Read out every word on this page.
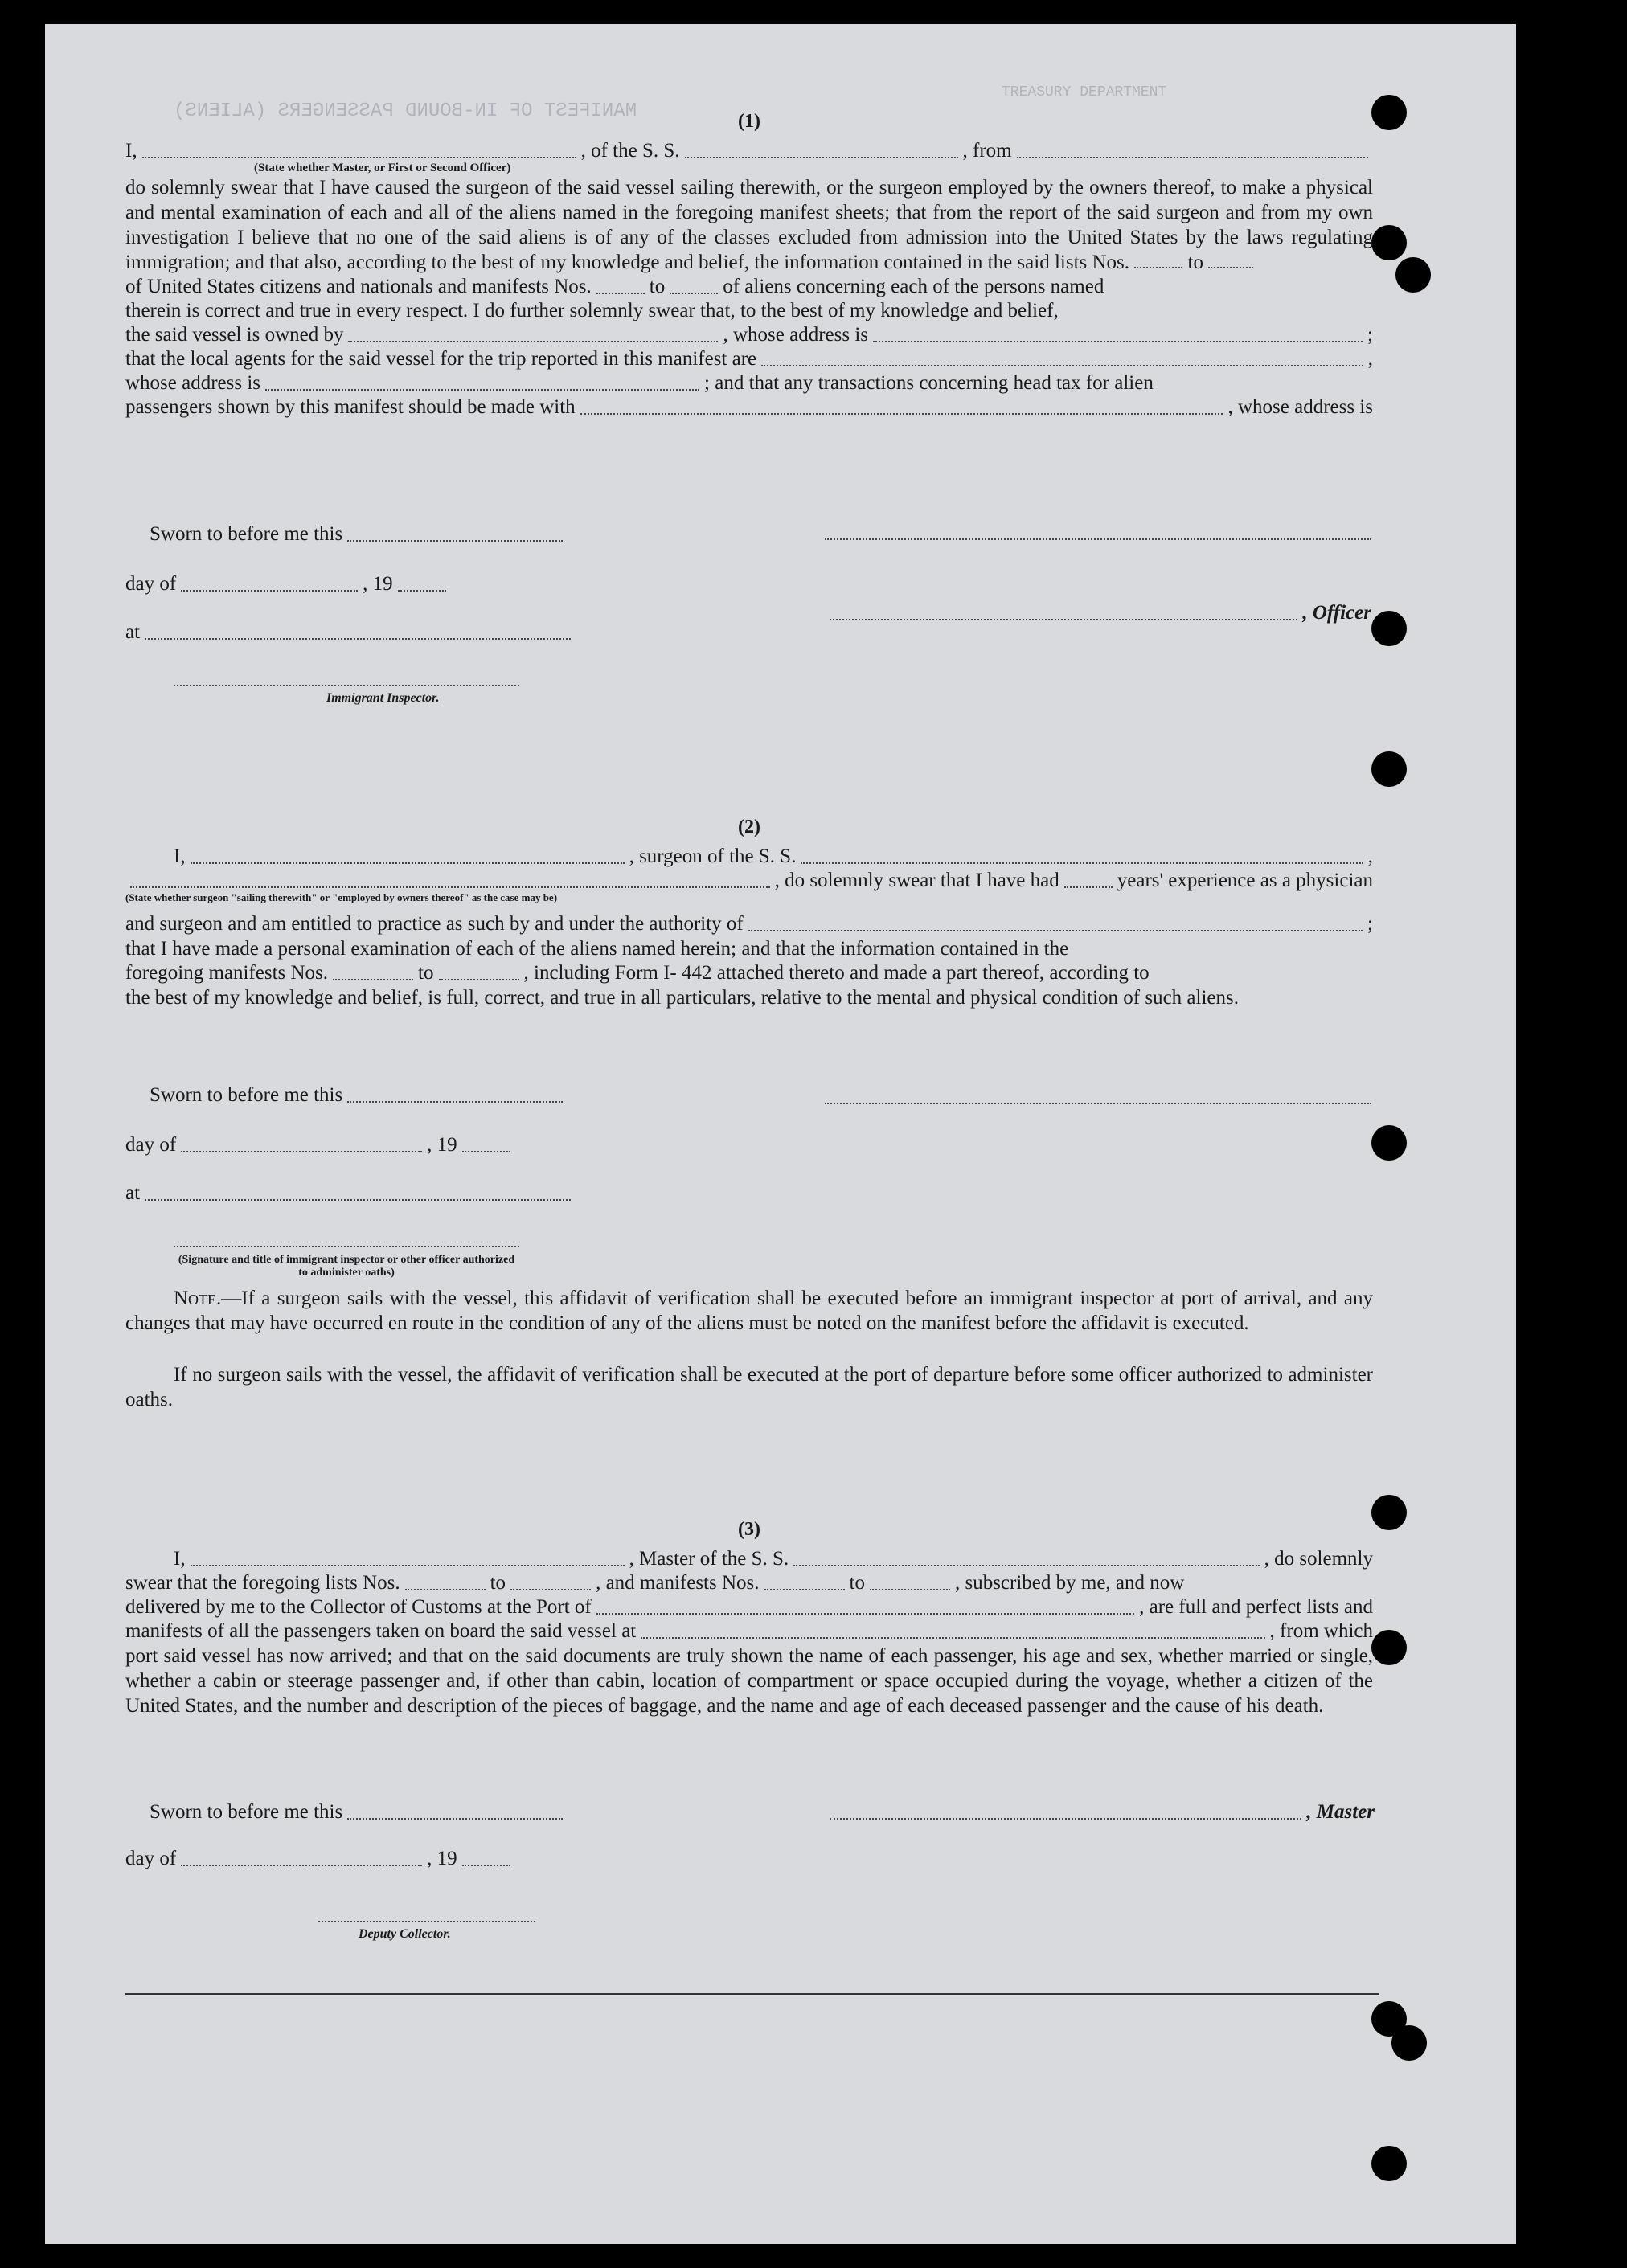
MANIFEST OF IN-BOUND PASSENGERS (ALIENS)
TREASURY DEPARTMENT
(1)
I,	, of the S. S.	, from
(State whether Master, or First or Second Officer)
do solemnly swear that I have caused the surgeon of the said vessel sailing therewith, or the surgeon employed by the owners thereof, to make a physical and mental examination of each and all of the aliens named in the foregoing manifest sheets; that from the report of the said surgeon and from my own investigation I believe that no one of the said aliens is of any of the classes excluded from admission into the United States by the laws regulating immigration; and that also, according to the best of my knowledge and belief, the information contained in the said lists Nos.	to
of United States citizens and nationals and manifests Nos.	to	of aliens concerning each of the persons named
therein is correct and true in every respect. I do further solemnly swear that, to the best of my knowledge and belief,
the said vessel is owned by	, whose address is	;
that the local agents for the said vessel for the trip reported in this manifest are	,
whose address is	; and that any transactions concerning head tax for alien
passengers shown by this manifest should be made with	, whose address is
Sworn to before me this
day of	, 19
, Officer
at
Immigrant Inspector.
(2)
I,	, surgeon of the S. S.	,
, do solemnly swear that I have had	years' experience as a physician
(State whether surgeon "sailing therewith" or "employed by owners thereof" as the case may be)
and surgeon and am entitled to practice as such by and under the authority of	;
that I have made a personal examination of each of the aliens named herein; and that the information contained in the
foregoing manifests Nos.	to	, including Form I- 442 attached thereto and made a part thereof, according to
the best of my knowledge and belief, is full, correct, and true in all particulars, relative to the mental and physical condition of such aliens.
Sworn to before me this
day of	, 19
at
(Signature and title of immigrant inspector or other officer authorized to administer oaths)
Note.—If a surgeon sails with the vessel, this affidavit of verification shall be executed before an immigrant inspector at port of arrival, and any changes that may have occurred en route in the condition of any of the aliens must be noted on the manifest before the affidavit is executed.
If no surgeon sails with the vessel, the affidavit of verification shall be executed at the port of departure before some officer authorized to administer oaths.
(3)
I,	, Master of the S. S.	, do solemnly
swear that the foregoing lists Nos.	to	, and manifests Nos.	to	, subscribed by me, and now
delivered by me to the Collector of Customs at the Port of	, are full and perfect lists and
manifests of all the passengers taken on board the said vessel at	, from which
port said vessel has now arrived; and that on the said documents are truly shown the name of each passenger, his age and sex, whether married or single, whether a cabin or steerage passenger and, if other than cabin, location of compartment or space occupied during the voyage, whether a citizen of the United States, and the number and description of the pieces of baggage, and the name and age of each deceased passenger and the cause of his death.
Sworn to before me this	, Master
day of	, 19
Deputy Collector.
